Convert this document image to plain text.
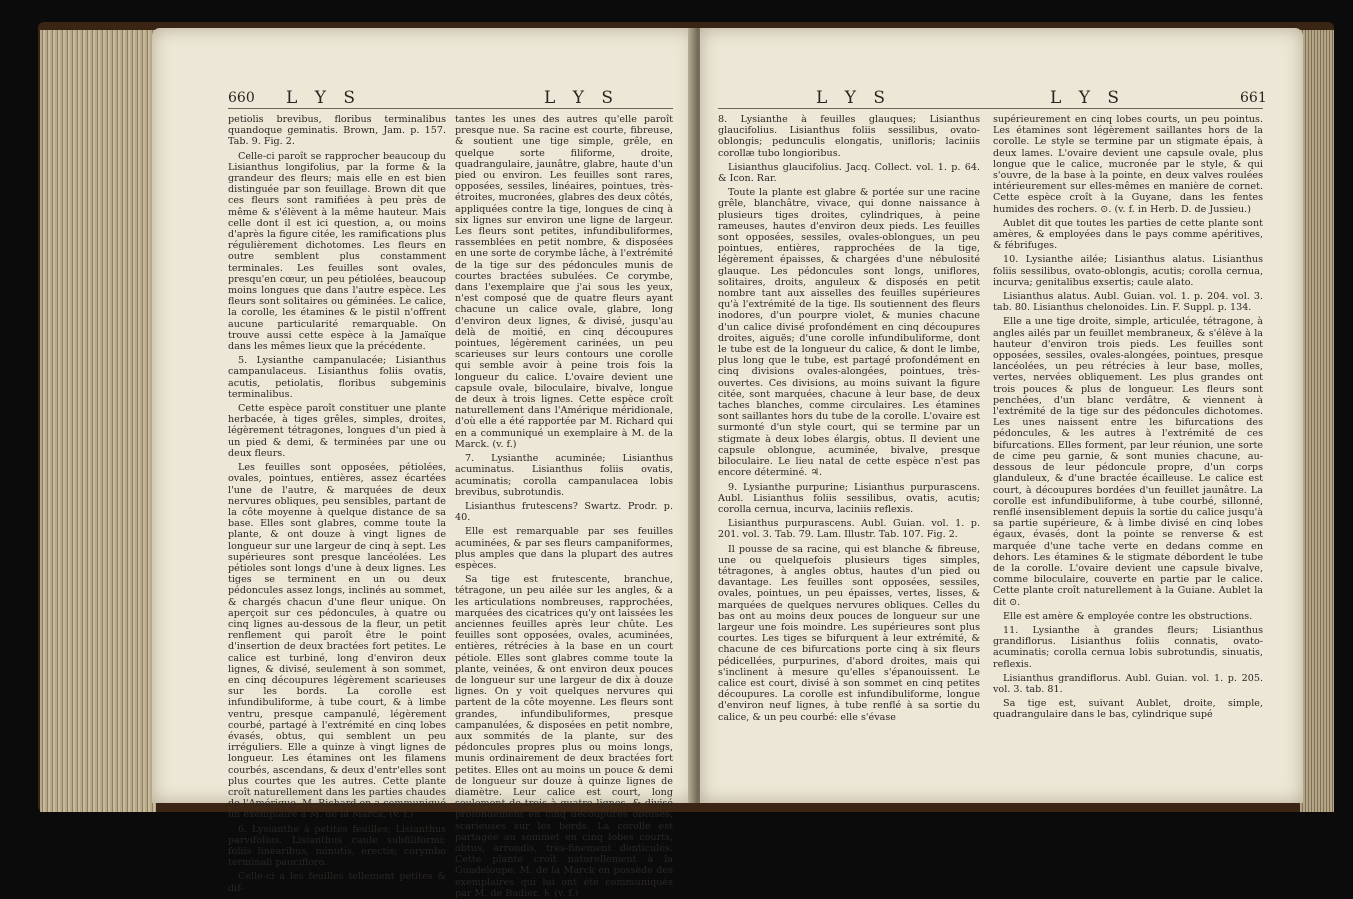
660 L Y S	L Y S

petiolis brevibus, floribus terminalibus quandoque geminatis. Brown, Jam. p. 157. Tab. 9. Fig. 2.

Celle-ci paroît se rapprocher beaucoup du Lisianthus longifolius, par la forme & la grandeur des fleurs; mais elle en est bien distinguée par son feuillage. Brown dit que ces fleurs sont ramifiées à peu près de même & s'élèvent à la même hauteur. Mais celle dont il est ici question, a, ou moins d'après la figure citée, les ramifications plus régulièrement dichotomes. Les fleurs en outre semblent plus constamment terminales. Les feuilles sont ovales, presqu'en cœur, un peu pétiolées, beaucoup moins longues que dans l'autre espèce. Les fleurs sont solitaires ou géminées. Le calice, la corolle, les étamines & le pistil n'offrent aucune particularité remarquable. On trouve aussi cette espèce à la Jamaïque dans les mêmes lieux que la précédente.

5. Lysianthe campanulacée; Lisianthus campanulaceus. Lisianthus foliis ovatis, acutis, petiolatis, floribus subgeminis terminalibus.

Cette espèce paroît constituer une plante herbacée, à tiges grêles, simples, droites, légèrement tétragones, longues d'un pied à un pied & demi, & terminées par une ou deux fleurs.

Les feuilles sont opposées, pétiolées, ovales, pointues, entières, assez écartées l'une de l'autre, & marquées de deux nervures obliques, peu sensibles, partant de la côte moyenne à quelque distance de sa base. Elles sont glabres, comme toute la plante, & ont douze à vingt lignes de longueur sur une largeur de cinq à sept. Les supérieures sont presque lancéolées. Les pétioles sont longs d'une à deux lignes. Les tiges se terminent en un ou deux pédoncules assez longs, inclinés au sommet, & chargés chacun d'une fleur unique. On aperçoit sur ces pédoncules, à quatre ou cinq lignes au-dessous de la fleur, un petit renflement qui paroît être le point d'insertion de deux bractées fort petites. Le calice est turbiné, long d'environ deux lignes, & divisé, seulement à son sommet, en cinq découpures légèrement scarieuses sur les bords. La corolle est infundibuliforme, à tube court, & à limbe ventru, presque campanulé, légèrement courbé, partagé à l'extrémité en cinq lobes évasés, obtus, qui semblent un peu irréguliers. Elle a quinze à vingt lignes de longueur. Les étamines ont les filamens courbés, ascendans, & deux d'entr'elles sont plus courtes que les autres. Cette plante croît naturellement dans les parties chaudes de l'Amérique. M. Richard en a communiqué un exemplaire à M. de la Marck. (v. f.)

6. Lysianthe à petites feuilles; Lisianthus parvifolius. Lisianthus caule subfiliformi; foliis linearibus, minutis, erectis; corymbo terminali paucifloro.

Celle-ci a les feuilles tellement petites & dif-

tantes les unes des autres qu'elle paroît presque nue. Sa racine est courte, fibreuse, & soutient une tige simple, grêle, en quelque sorte filiforme, droite, quadrangulaire, jaunâtre, glabre, haute d'un pied ou environ. Les feuilles sont rares, opposées, sessiles, linéaires, pointues, très-étroites, mucronées, glabres des deux côtés, appliquées contre la tige, longues de cinq à six lignes sur environ une ligne de largeur. Les fleurs sont petites, infundibuliformes, rassemblées en petit nombre, & disposées en une sorte de corymbe lâche, à l'extrémité de la tige sur des pédoncules munis de courtes bractées subulées. Ce corymbe, dans l'exemplaire que j'ai sous les yeux, n'est composé que de quatre fleurs ayant chacune un calice ovale, glabre, long d'environ deux lignes, & divisé, jusqu'au delà de moitié, en cinq découpures pointues, légèrement carinées, un peu scarieuses sur leurs contours une corolle qui semble avoir à peine trois fois la longueur du calice. L'ovaire devient une capsule ovale, biloculaire, bivalve, longue de deux à trois lignes. Cette espèce croît naturellement dans l'Amérique méridionale, d'où elle a été rapportée par M. Richard qui en a communiqué un exemplaire à M. de la Marck. (v. f.)

7. Lysianthe acuminée; Lisianthus acuminatus. Lisianthus foliis ovatis, acuminatis; corolla campanulacea lobis brevibus, subrotundis.

Lisianthus frutescens? Swartz. Prodr. p. 40.

Elle est remarquable par ses feuilles acuminées, & par ses fleurs campaniformes, plus amples que dans la plupart des autres espèces.

Sa tige est frutescente, branchue, tétragone, un peu ailée sur les angles, & a les articulations nombreuses, rapprochées, marquées des cicatrices qu'y ont laissées les anciennes feuilles après leur chûte. Les feuilles sont opposées, ovales, acuminées, entières, rétrécies à la base en un court pétiole. Elles sont glabres comme toute la plante, veinées, & ont environ deux pouces de longueur sur une largeur de dix à douze lignes. On y voit quelques nervures qui partent de la côte moyenne. Les fleurs sont grandes, infundibuliformes, presque campanulées, & disposées en petit nombre, aux sommités de la plante, sur des pédoncules propres plus ou moins longs, munis ordinairement de deux bractées fort petites. Elles ont au moins un pouce & demi de longueur sur douze à quinze lignes de diamètre. Leur calice est court, long seulement de trois à quatre lignes, & divisé profondément en cinq découpures obtuses, scarieuses sur les bords. La corolle est partagée au sommet en cinq lobes courts, obtus, arrondis, très-finement denticulés. Cette plante croît naturellement à la Guadeloupe. M. de la Marck en possède des exemplaires qui lui ont été communiqués par M. de Badier. ♄ (v. f.)

L Y S	L Y S	661

8. Lysianthe à feuilles glauques; Lisianthus glaucifolius. Lisianthus foliis sessilibus, ovato-oblongis; pedunculis elongatis, unifloris; laciniis corollæ tubo longioribus.

Lisianthus glaucifolius. Jacq. Collect. vol. 1. p. 64. & Icon. Rar.

Toute la plante est glabre & portée sur une racine grêle, blanchâtre, vivace, qui donne naissance à plusieurs tiges droites, cylindriques, à peine rameuses, hautes d'environ deux pieds. Les feuilles sont opposées, sessiles, ovales-oblongues, un peu pointues, entières, rapprochées de la tige, légèrement épaisses, & chargées d'une nébulosité glauque. Les pédoncules sont longs, uniflores, solitaires, droits, anguleux & disposés en petit nombre tant aux aisselles des feuilles supérieures qu'à l'extrémité de la tige. Ils soutiennent des fleurs inodores, d'un pourpre violet, & munies chacune d'un calice divisé profondément en cinq découpures droites, aiguës; d'une corolle infundibuliforme, dont le tube est de la longueur du calice, & dont le limbe, plus long que le tube, est partagé profondément en cinq divisions ovales-alongées, pointues, très-ouvertes. Ces divisions, au moins suivant la figure citée, sont marquées, chacune à leur base, de deux taches blanches, comme circulaires. Les étamines sont saillantes hors du tube de la corolle. L'ovaire est surmonté d'un style court, qui se termine par un stigmate à deux lobes élargis, obtus. Il devient une capsule oblongue, acuminée, bivalve, presque biloculaire. Le lieu natal de cette espèce n'est pas encore déterminé. ♃.

9. Lysianthe purpurine; Lisianthus purpurascens. Aubl. Lisianthus foliis sessilibus, ovatis, acutis; corolla cernua, incurva, laciniis reflexis.

Lisianthus purpurascens. Aubl. Guian. vol. 1. p. 201. vol. 3. Tab. 79. Lam. Illustr. Tab. 107. Fig. 2.

Il pousse de sa racine, qui est blanche & fibreuse, une ou quelquefois plusieurs tiges simples, tétragones, à angles obtus, hautes d'un pied ou davantage. Les feuilles sont opposées, sessiles, ovales, pointues, un peu épaisses, vertes, lisses, & marquées de quelques nervures obliques. Celles du bas ont au moins deux pouces de longueur sur une largeur une fois moindre. Les supérieures sont plus courtes. Les tiges se bifurquent à leur extrémité, & chacune de ces bifurcations porte cinq à six fleurs pédicellées, purpurines, d'abord droites, mais qui s'inclinent à mesure qu'elles s'épanouissent. Le calice est court, divisé à son sommet en cinq petites découpures. La corolle est infundibuliforme, longue d'environ neuf lignes, à tube renflé à sa sortie du calice, & un peu courbé: elle s'évase

supérieurement en cinq lobes courts, un peu pointus. Les étamines sont légèrement saillantes hors de la corolle. Le style se termine par un stigmate épais, à deux lames. L'ovaire devient une capsule ovale, plus longue que le calice, mucronée par le style, & qui s'ouvre, de la base à la pointe, en deux valves roulées intérieurement sur elles-mêmes en manière de cornet. Cette espèce croît à la Guyane, dans les fentes humides des rochers. ⊙. (v. f. in Herb. D. de Jussieu.)

Aublet dit que toutes les parties de cette plante sont amères, & employées dans le pays comme apéritives, & fébrifuges.

10. Lysianthe ailée; Lisianthus alatus. Lisianthus foliis sessilibus, ovato-oblongis, acutis; corolla cernua, incurva; genitalibus exsertis; caule alato.

Lisianthus alatus. Aubl. Guian. vol. 1. p. 204. vol. 3. tab. 80. Lisianthus chelonoides. Lin. F. Suppl. p. 134.

Elle a une tige droite, simple, articulée, tétragone, à angles ailés par un feuillet membraneux, & s'élève à la hauteur d'environ trois pieds. Les feuilles sont opposées, sessiles, ovales-alongées, pointues, presque lancéolées, un peu rétrécies à leur base, molles, vertes, nervées obliquement. Les plus grandes ont trois pouces & plus de longueur. Les fleurs sont penchées, d'un blanc verdâtre, & viennent à l'extrémité de la tige sur des pédoncules dichotomes. Les unes naissent entre les bifurcations des pédoncules, & les autres à l'extrémité de ces bifurcations. Elles forment, par leur réunion, une sorte de cime peu garnie, & sont munies chacune, au-dessous de leur pédoncule propre, d'un corps glanduleux, & d'une bractée écailleuse. Le calice est court, à découpures bordées d'un feuillet jaunâtre. La corolle est infundibuliforme, à tube courbé, sillonné, renflé insensiblement depuis la sortie du calice jusqu'à sa partie supérieure, & à limbe divisé en cinq lobes égaux, évasés, dont la pointe se renverse & est marquée d'une tache verte en dedans comme en dehors. Les étamines & le stigmate débordent le tube de la corolle. L'ovaire devient une capsule bivalve, comme biloculaire, couverte en partie par le calice. Cette plante croît naturellement à la Guiane. Aublet la dit ⊙.

Elle est amère & employée contre les obstructions.

11. Lysianthe à grandes fleurs; Lisianthus grandiflorus. Lisianthus foliis connatis, ovato-acuminatis; corolla cernua lobis subrotundis, sinuatis, reflexis.

Lisianthus grandiflorus. Aubl. Guian. vol. 1. p. 205. vol. 3. tab. 81.

Sa tige est, suivant Aublet, droite, simple, quadrangulaire dans le bas, cylindrique supé
